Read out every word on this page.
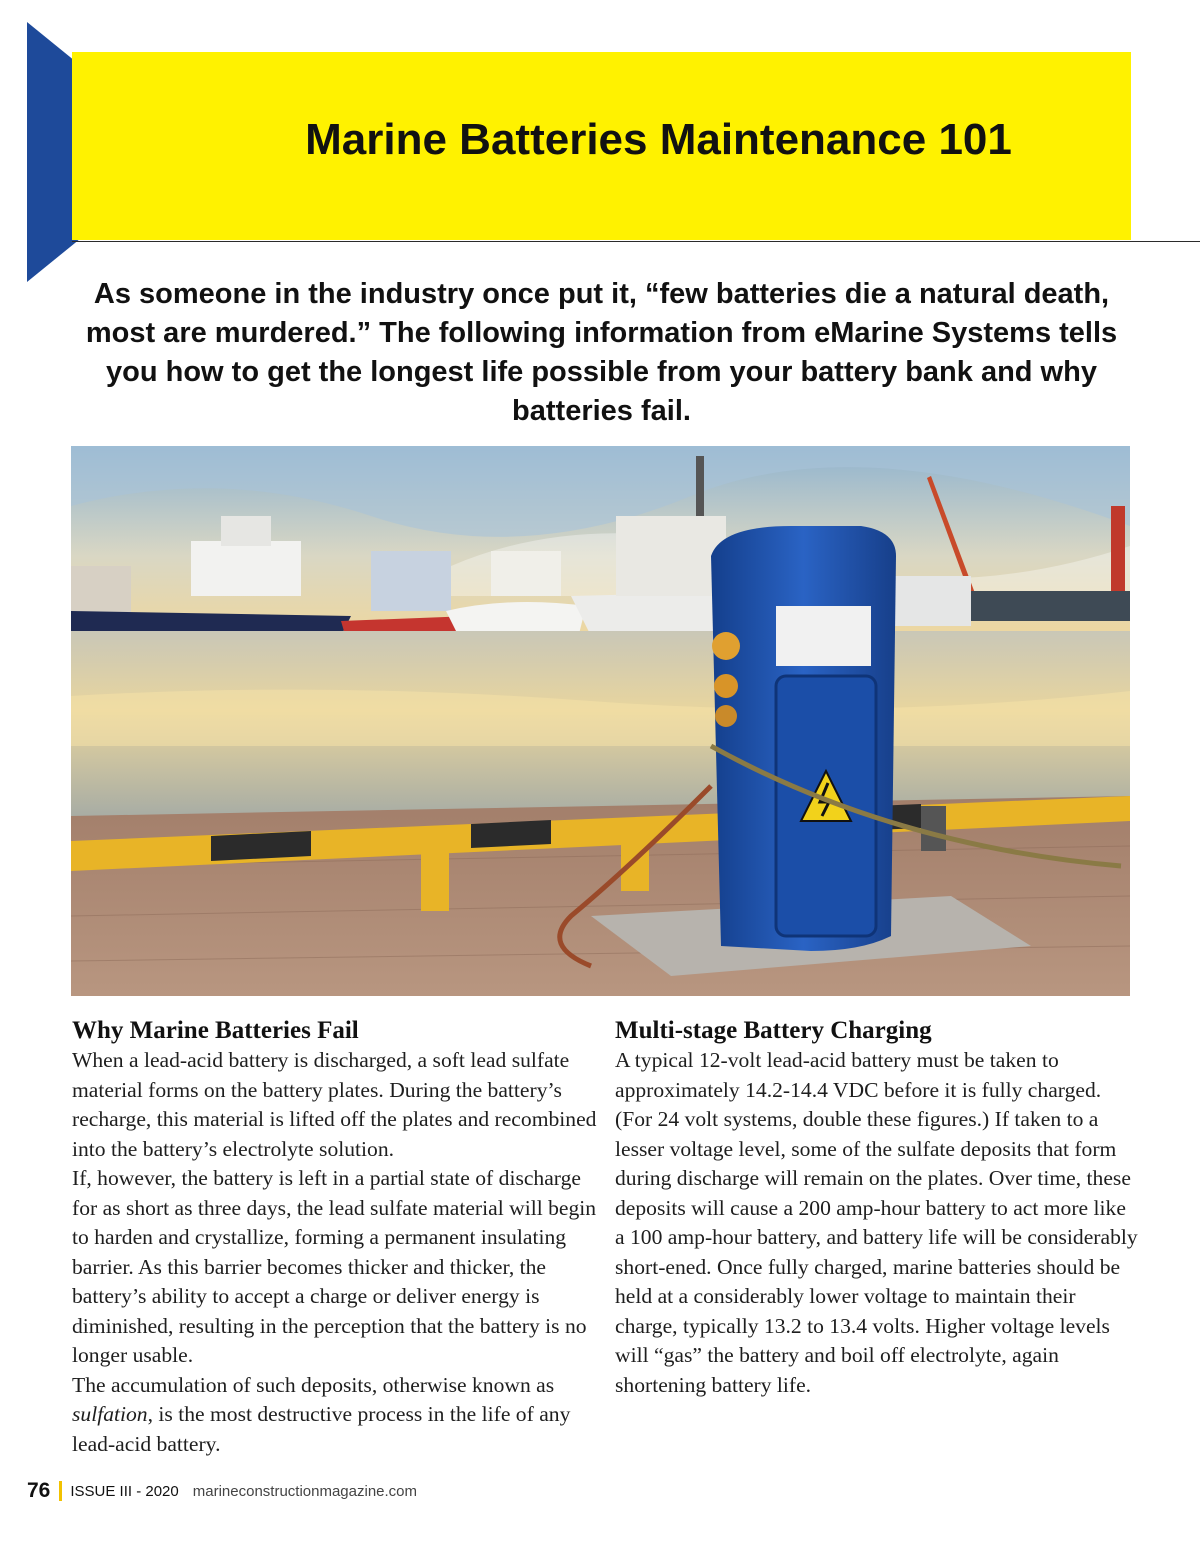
Marine Batteries Maintenance 101

As someone in the industry once put it, “few batteries die a natural death, most are murdered.” The following information from eMarine Systems tells you how to get the longest life possible from your battery bank and why batteries fail.

Why Marine Batteries Fail

When a lead-acid battery is discharged, a soft lead sulfate material forms on the battery plates. During the battery’s recharge, this material is lifted off the plates and recombined into the battery’s electrolyte solution.

If, however, the battery is left in a partial state of discharge for as short as three days, the lead sulfate material will begin to harden and crystallize, forming a permanent insulating barrier. As this barrier becomes thicker and thicker, the battery’s ability to accept a charge or deliver energy is diminished, resulting in the perception that the battery is no longer usable.

The accumulation of such deposits, otherwise known as sulfation, is the most destructive process in the life of any lead-acid battery.

Multi-stage Battery Charging

A typical 12-volt lead-acid battery must be taken to approximately 14.2-14.4 VDC before it is fully charged. (For 24 volt systems, double these figures.) If taken to a lesser voltage level, some of the sulfate deposits that form during discharge will remain on the plates. Over time, these deposits will cause a 200 amp-hour battery to act more like a 100 amp-hour battery, and battery life will be considerably short-ened. Once fully charged, marine batteries should be held at a considerably lower voltage to maintain their charge, typically 13.2 to 13.4 volts. Higher voltage levels will “gas” the battery and boil off electrolyte, again shortening battery life.

76 ISSUE III - 2020 marineconstructionmagazine.com
